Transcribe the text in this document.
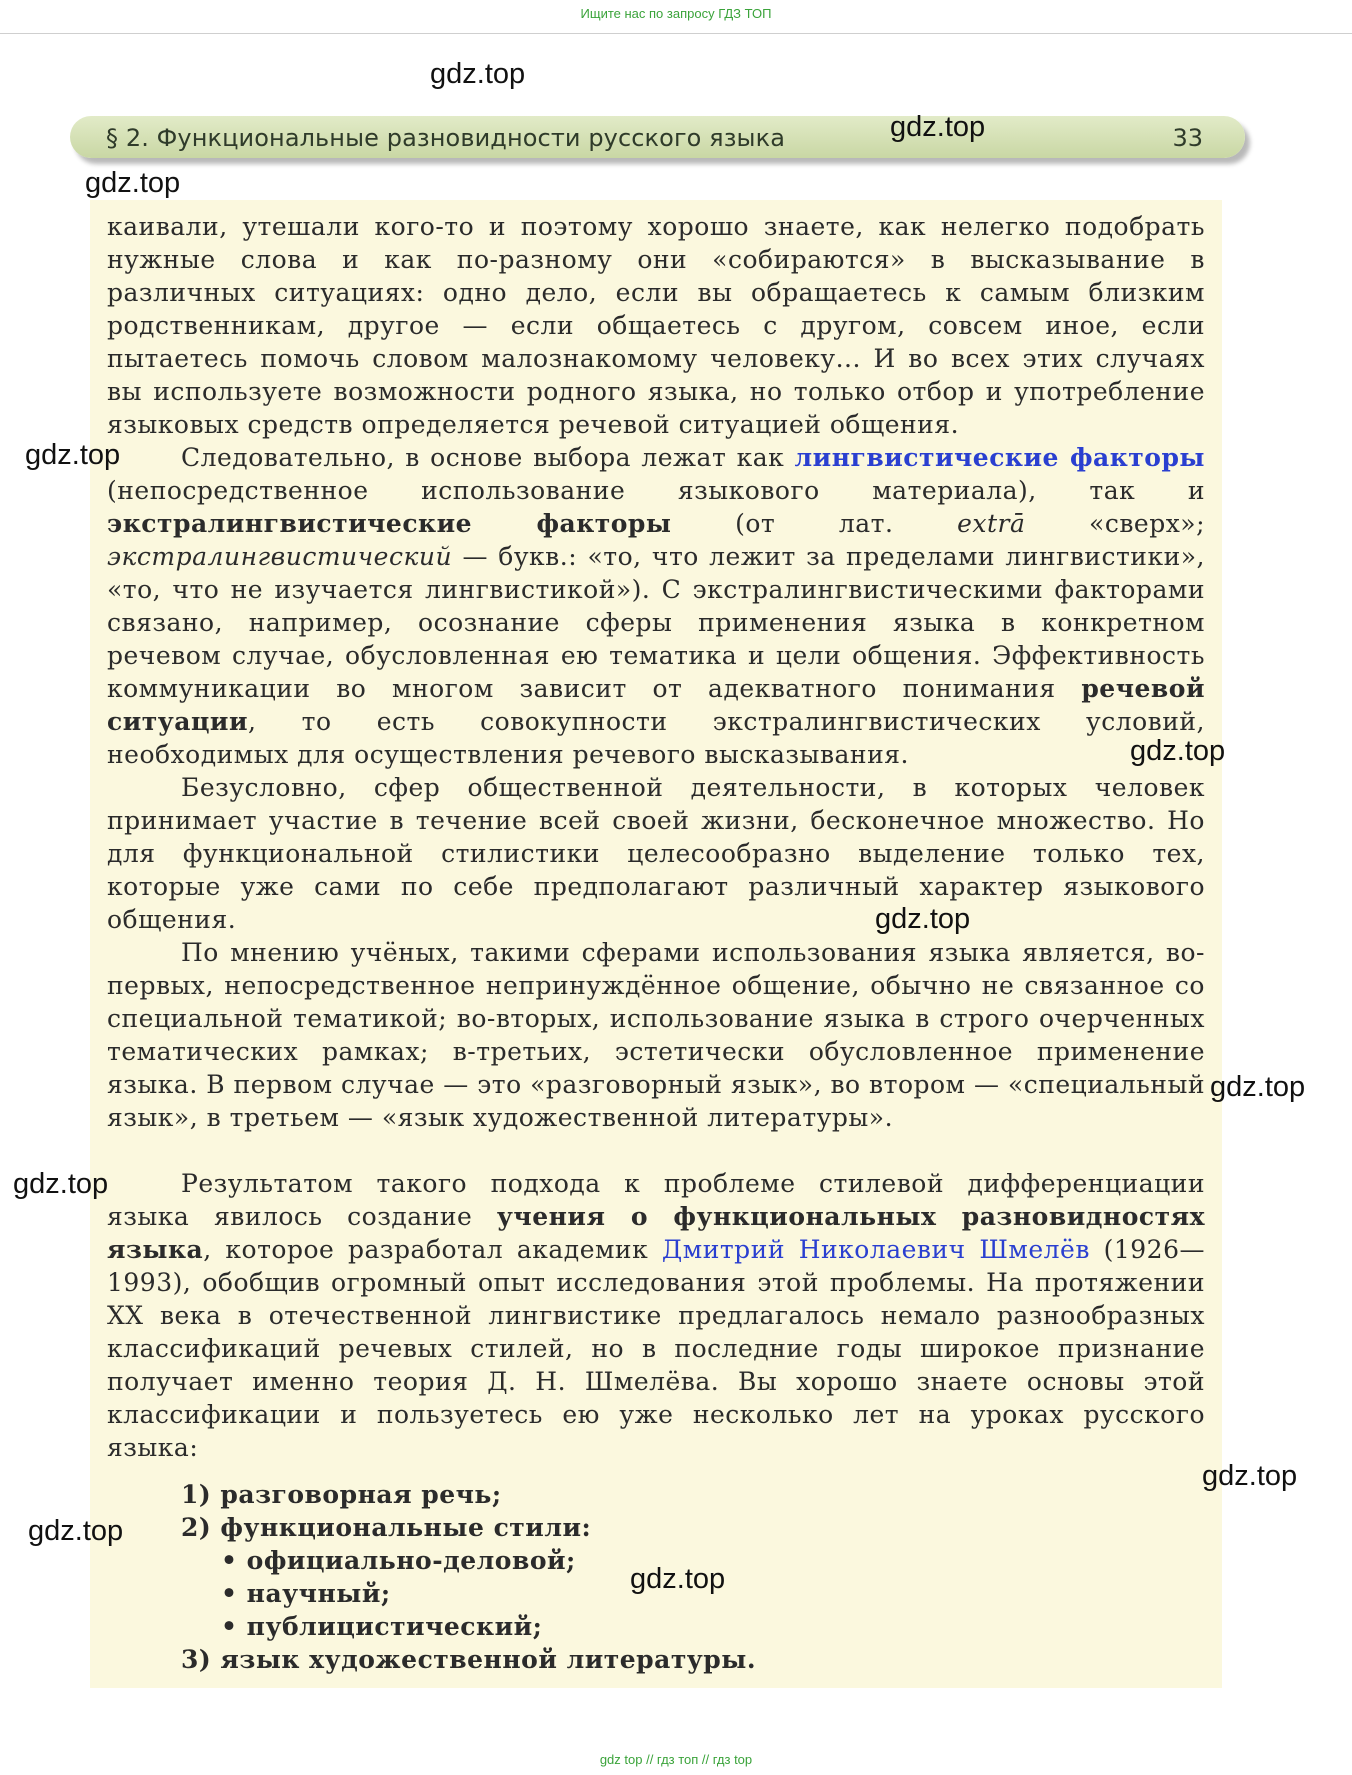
Ищите нас по запросу ГДЗ ТОП
§ 2. Функциональные разновидности русского языка	33

каивали, утешали кого-то и поэтому хорошо знаете, как нелегко подобрать нужные слова и как по-разному они «собираются» в высказывание в различных ситуациях: одно дело, если вы обращаетесь к самым близким родственникам, другое — если общаетесь с другом, совсем иное, если пытаетесь помочь словом малознакомому человеку... И во всех этих случаях вы используете возможности родного языка, но только отбор и употребление языковых средств определяется речевой ситуацией общения.

Следовательно, в основе выбора лежат как лингвистические факторы (непосредственное использование языкового материала), так и экстралингвистические факторы (от лат. extrā «сверх»; экстралингвистический — букв.: «то, что лежит за пределами лингвистики», «то, что не изучается лингвистикой»). С экстралингвистическими факторами связано, например, осознание сферы применения языка в конкретном речевом случае, обусловленная ею тематика и цели общения. Эффективность коммуникации во многом зависит от адекватного понимания речевой ситуации, то есть совокупности экстралингвистических условий, необходимых для осуществления речевого высказывания.

Безусловно, сфер общественной деятельности, в которых человек принимает участие в течение всей своей жизни, бесконечное множество. Но для функциональной стилистики целесообразно выделение только тех, которые уже сами по себе предполагают различный характер языкового общения.

По мнению учёных, такими сферами использования языка является, во-первых, непосредственное непринуждённое общение, обычно не связанное со специальной тематикой; во-вторых, использование языка в строго очерченных тематических рамках; в-третьих, эстетически обусловленное применение языка. В первом случае — это «разговорный язык», во втором — «специальный язык», в третьем — «язык художественной литературы».

Результатом такого подхода к проблеме стилевой дифференциации языка явилось создание учения о функциональных разновидностях языка, которое разработал академик Дмитрий Николаевич Шмелёв (1926—1993), обобщив огромный опыт исследования этой проблемы. На протяжении XX века в отечественной лингвистике предлагалось немало разнообразных классификаций речевых стилей, но в последние годы широкое признание получает именно теория Д. Н. Шмелёва. Вы хорошо знаете основы этой классификации и пользуетесь ею уже несколько лет на уроках русского языка:

1) разговорная речь;
2) функциональные стили:
• официально-деловой;
• научный;
• публицистический;
3) язык художественной литературы.
gdz.top
gdz.top
gdz.top
gdz.top
gdz.top
gdz.top
gdz.top
gdz.top
gdz.top
gdz.top
gdz.top
gdz top // гдз топ // гдз top
